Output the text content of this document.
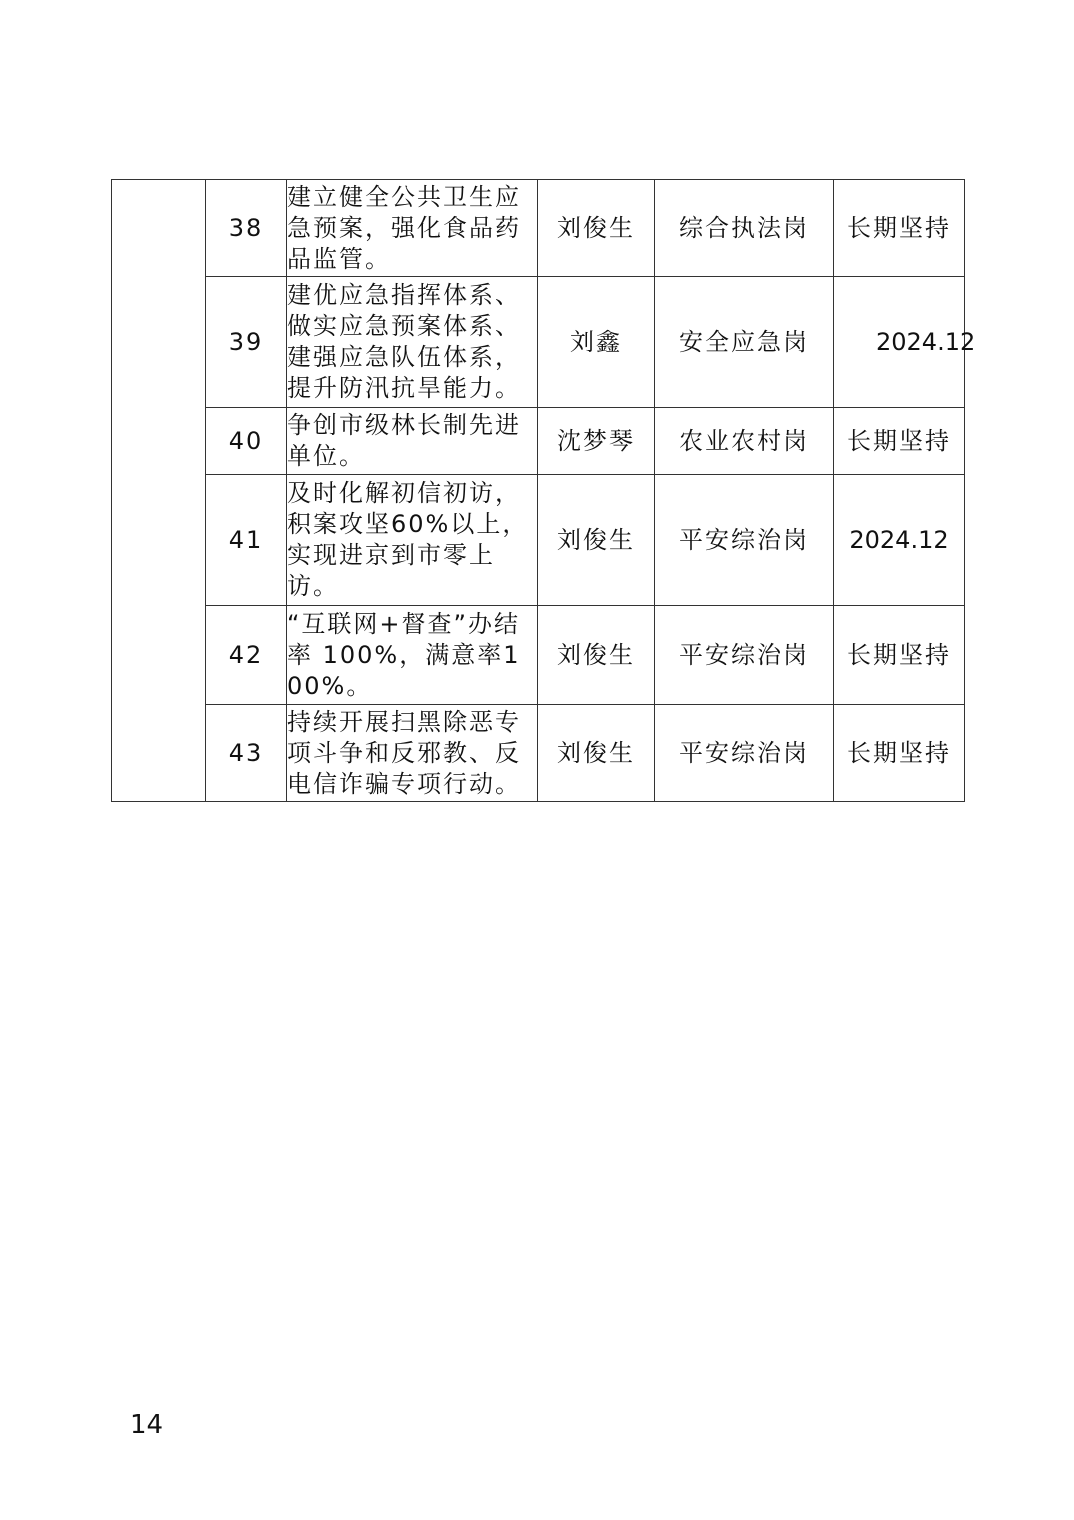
	38	建立健全公共卫生应急预案，强化食品药品监管。	刘俊生	综合执法岗	长期坚持
	39	建优应急指挥体系、做实应急预案体系、建强应急队伍体系，提升防汛抗旱能力。	刘鑫	安全应急岗	2024.12
	40	争创市级林长制先进单位。	沈梦琴	农业农村岗	长期坚持
	41	及时化解初信初访，积案攻坚60%以上，实现进京到市零上访。	刘俊生	平安综治岗	2024.12
	42	“互联网+督查”办结率 100%，满意率100%。	刘俊生	平安综治岗	长期坚持
	43	持续开展扫黑除恶专项斗争和反邪教、反电信诈骗专项行动。	刘俊生	平安综治岗	长期坚持
14
